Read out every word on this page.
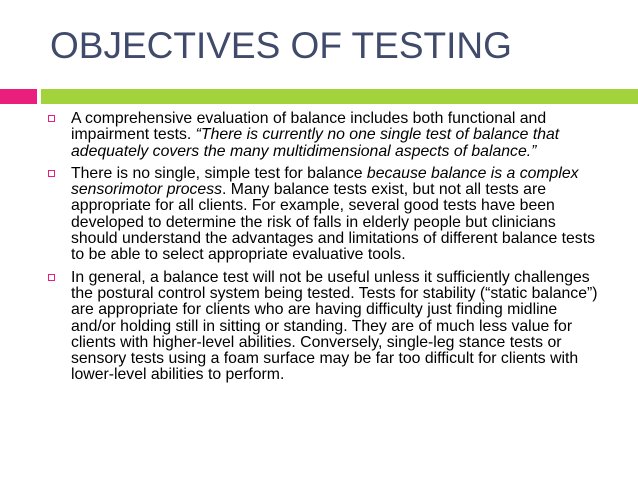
OBJECTIVES OF TESTING
A comprehensive evaluation of balance includes both functional and impairment tests. “There is currently no one single test of balance that adequately covers the many multidimensional aspects of balance.”
There is no single, simple test for balance because balance is a complex sensorimotor process. Many balance tests exist, but not all tests are appropriate for all clients. For example, several good tests have been developed to determine the risk of falls in elderly people but clinicians should understand the advantages and limitations of different balance tests to be able to select appropriate evaluative tools.
In general, a balance test will not be useful unless it sufficiently challenges the postural control system being tested. Tests for stability (“static balance”) are appropriate for clients who are having difficulty just finding midline and/or holding still in sitting or standing. They are of much less value for clients with higher-level abilities. Conversely, single-leg stance tests or sensory tests using a foam surface may be far too difficult for clients with lower-level abilities to perform.
